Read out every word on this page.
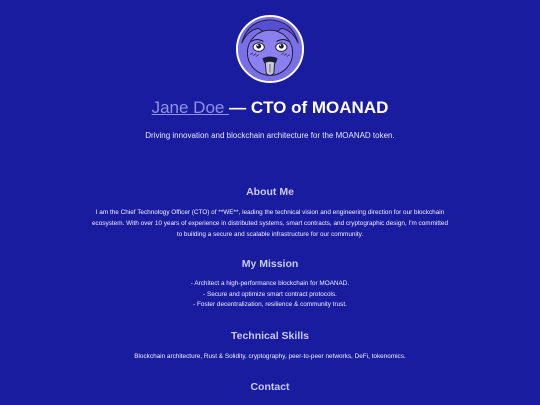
Jane Doe — CTO of MOANAD

Driving innovation and blockchain architecture for the MOANAD token.

About Me

I am the Chief Technology Officer (CTO) of **WE**, leading the technical vision and engineering direction for our blockchain ecosystem. With over 10 years of experience in distributed systems, smart contracts, and cryptographic design, I'm committed to building a secure and scalable infrastructure for our community.

My Mission
- Architect a high-performance blockchain for MOANAD.
- Secure and optimize smart contract protocols.
- Foster decentralization, resilience & community trust.
Technical Skills

Blockchain architecture, Rust & Solidity, cryptography, peer-to-peer networks, DeFi, tokenomics.

Contact
